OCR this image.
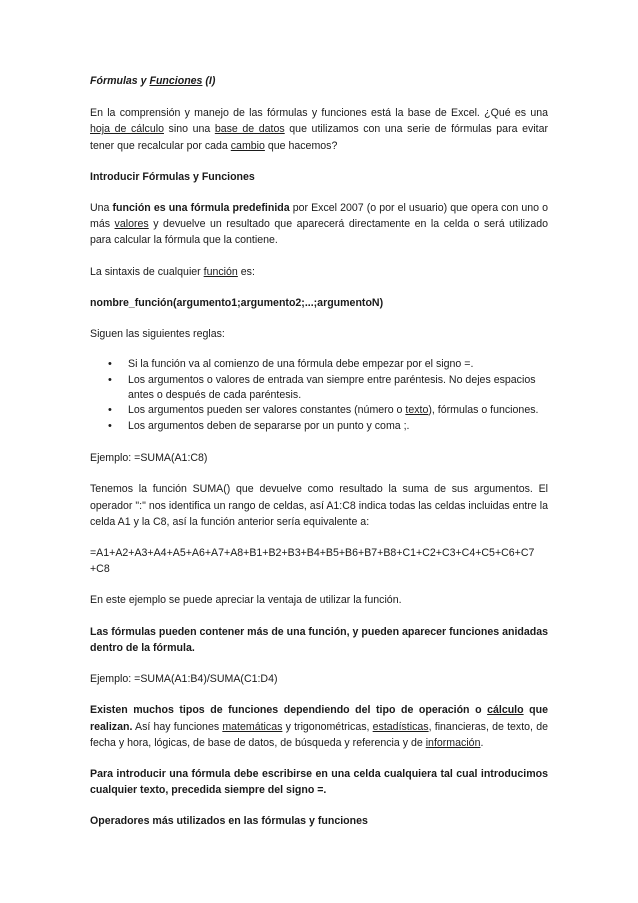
Fórmulas y Funciones (I)

En la comprensión y manejo de las fórmulas y funciones está la base de Excel. ¿Qué es una hoja de cálculo sino una base de datos que utilizamos con una serie de fórmulas para evitar tener que recalcular por cada cambio que hacemos?

Introducir Fórmulas y Funciones

Una función es una fórmula predefinida por Excel 2007 (o por el usuario) que opera con uno o más valores y devuelve un resultado que aparecerá directamente en la celda o será utilizado para calcular la fórmula que la contiene.

La sintaxis de cualquier función es:

nombre_función(argumento1;argumento2;...;argumentoN)

Siguen las siguientes reglas:

• Si la función va al comienzo de una fórmula debe empezar por el signo =.
• Los argumentos o valores de entrada van siempre entre paréntesis. No dejes espacios antes o después de cada paréntesis.
• Los argumentos pueden ser valores constantes (número o texto), fórmulas o funciones.
• Los argumentos deben de separarse por un punto y coma ;.

Ejemplo: =SUMA(A1:C8)

Tenemos la función SUMA() que devuelve como resultado la suma de sus argumentos. El operador ":" nos identifica un rango de celdas, así A1:C8 indica todas las celdas incluidas entre la celda A1 y la C8, así la función anterior sería equivalente a:

=A1+A2+A3+A4+A5+A6+A7+A8+B1+B2+B3+B4+B5+B6+B7+B8+C1+C2+C3+C4+C5+C6+C7
+C8

En este ejemplo se puede apreciar la ventaja de utilizar la función.

Las fórmulas pueden contener más de una función, y pueden aparecer funciones anidadas dentro de la fórmula.

Ejemplo: =SUMA(A1:B4)/SUMA(C1:D4)

Existen muchos tipos de funciones dependiendo del tipo de operación o cálculo que realizan. Así hay funciones matemáticas y trigonométricas, estadísticas, financieras, de texto, de fecha y hora, lógicas, de base de datos, de búsqueda y referencia y de información.

Para introducir una fórmula debe escribirse en una celda cualquiera tal cual introducimos cualquier texto, precedida siempre del signo =.

Operadores más utilizados en las fórmulas y funciones
